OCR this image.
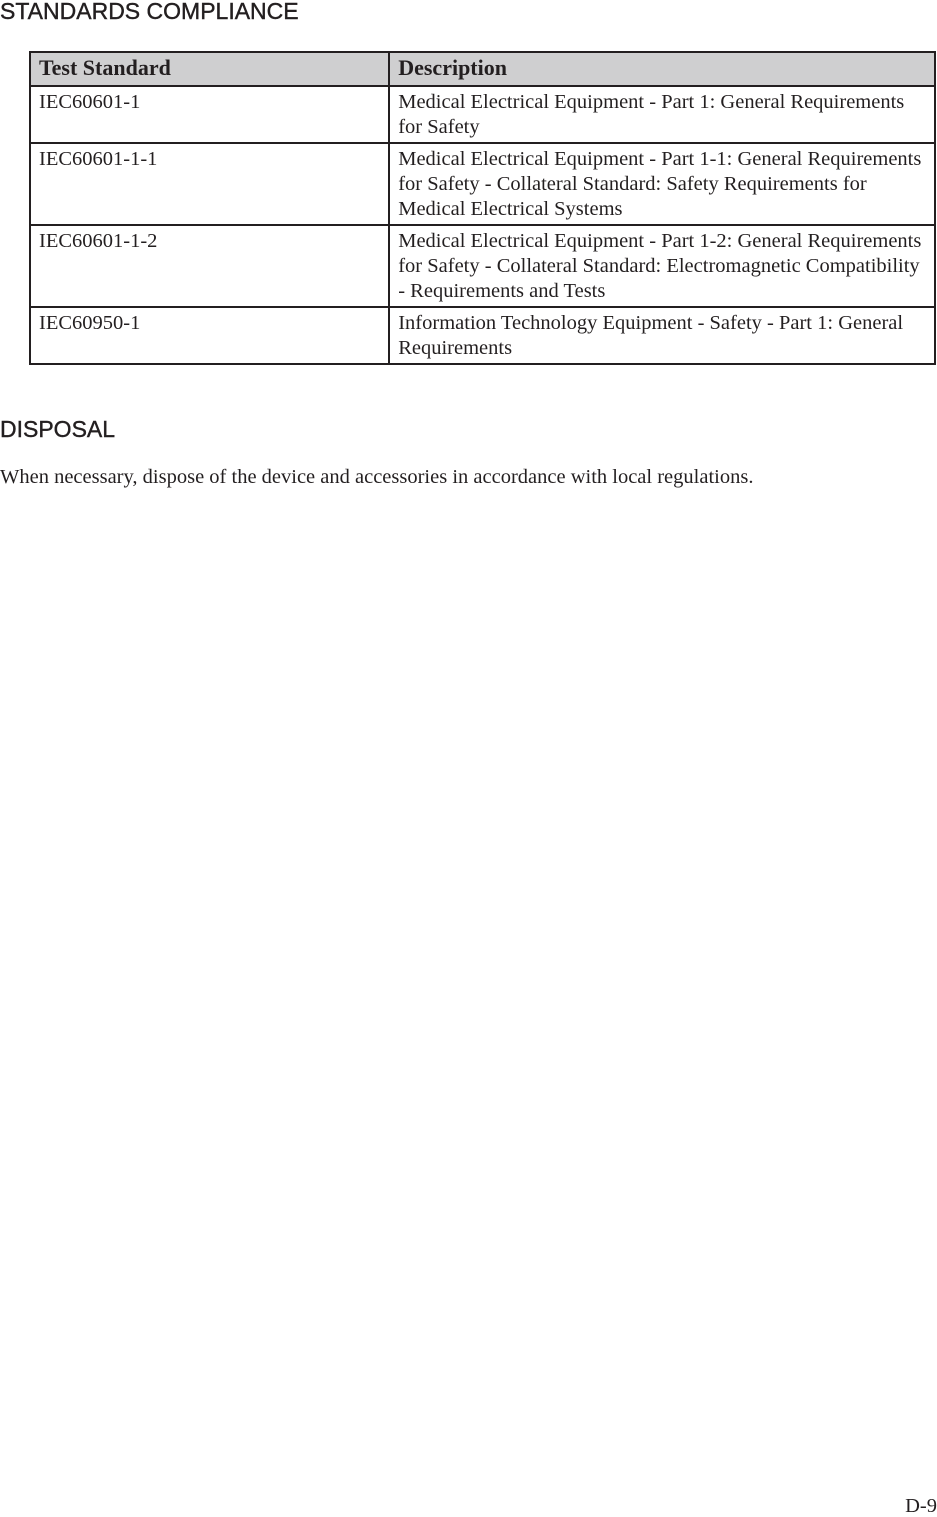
STANDARDS COMPLIANCE
Test Standard	Description
IEC60601-1	Medical Electrical Equipment - Part 1: General Requirements for Safety
IEC60601-1-1	Medical Electrical Equipment - Part 1-1: General Requirements for Safety - Collateral Standard: Safety Requirements for Medical Electrical Systems
IEC60601-1-2	Medical Electrical Equipment - Part 1-2: General Requirements for Safety - Collateral Standard: Electromagnetic Compatibility - Requirements and Tests
IEC60950-1	Information Technology Equipment - Safety - Part 1: General Requirements
DISPOSAL

When necessary, dispose of the device and accessories in accordance with local regulations.

D-9
